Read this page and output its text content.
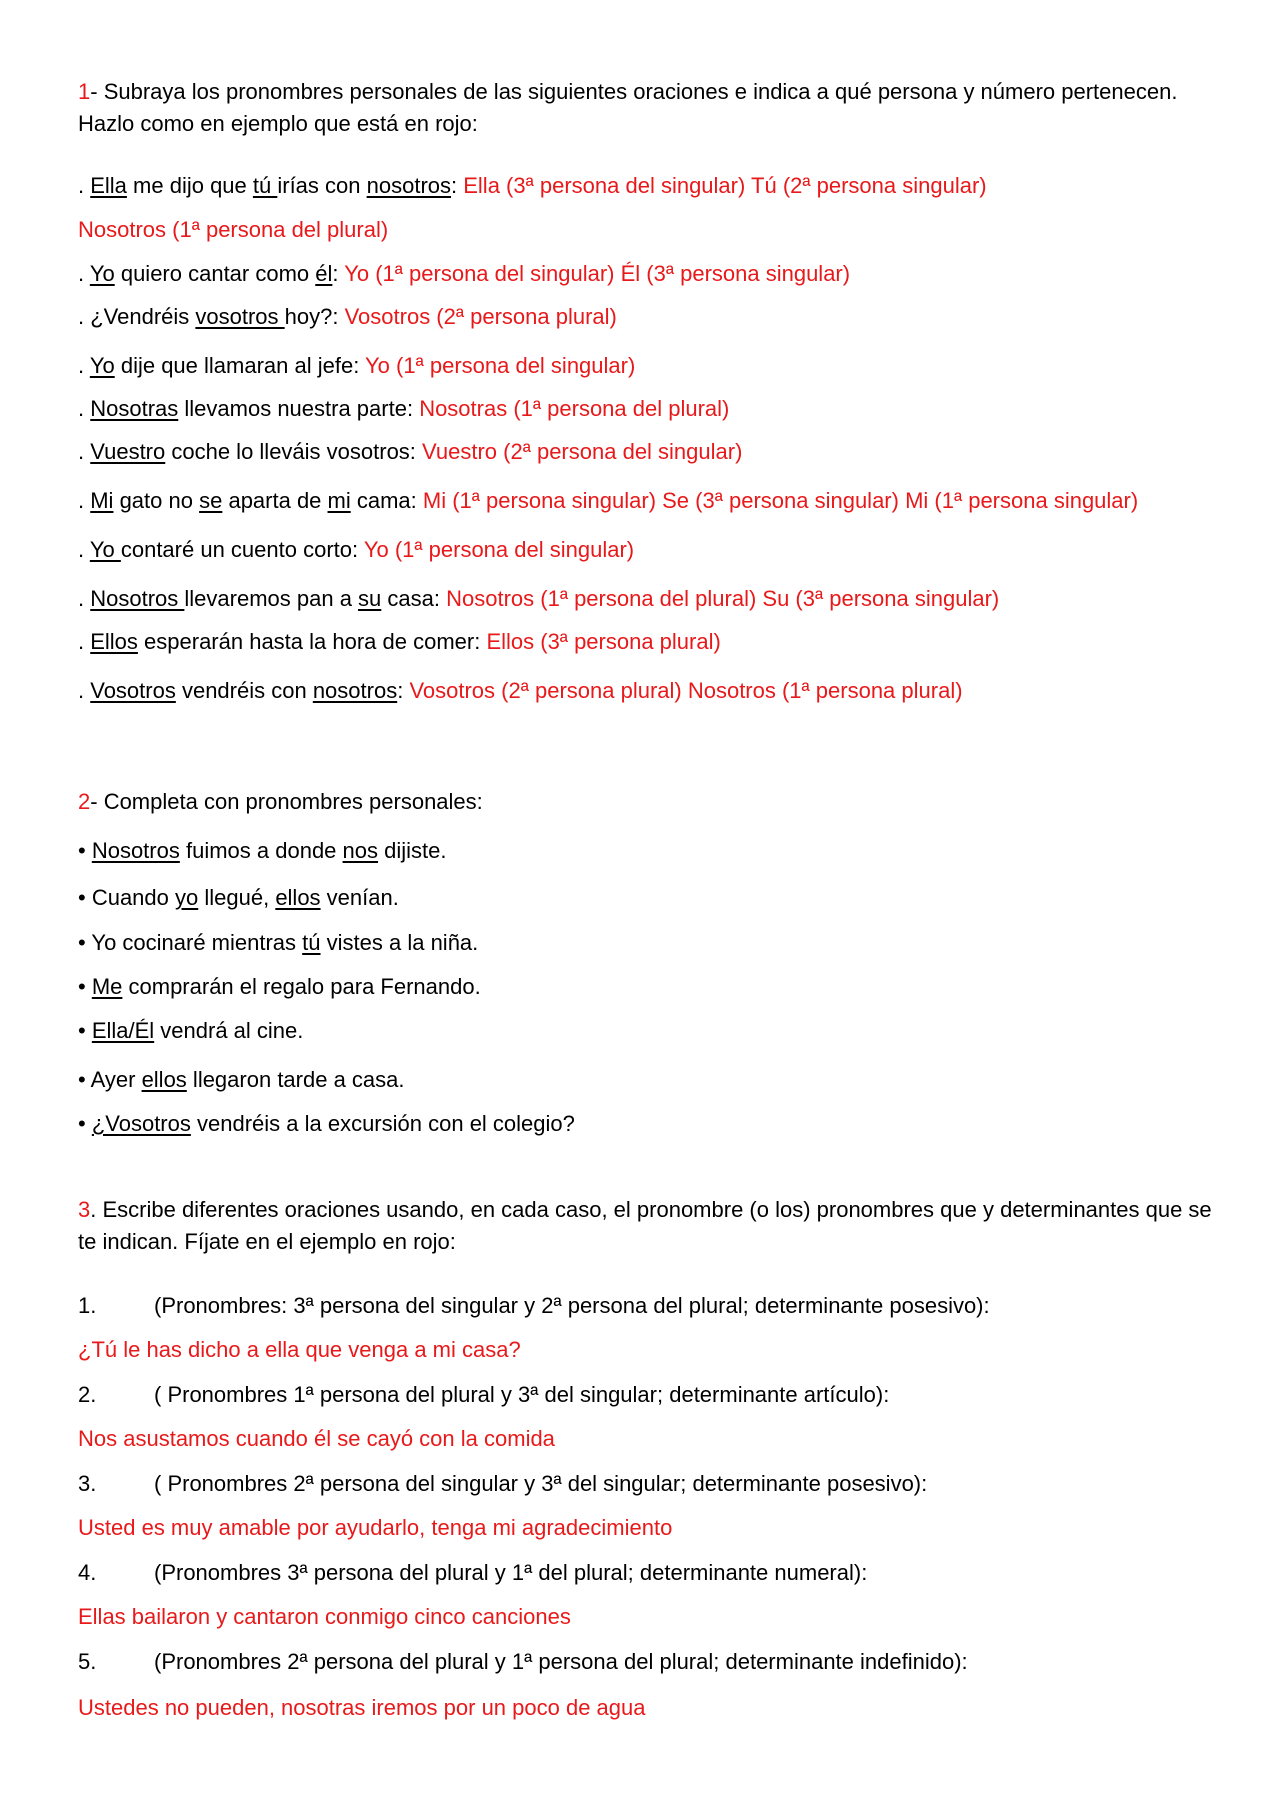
1- Subraya los pronombres personales de las siguientes oraciones e indica a qué persona y número pertenecen.
Hazlo como en ejemplo que está en rojo:
. Ella me dijo que tú irías con nosotros: Ella (3ª persona del singular) Tú (2ª persona singular)
Nosotros (1ª persona del plural)
. Yo quiero cantar como él: Yo (1ª persona del singular) Él (3ª persona singular)
. ¿Vendréis vosotros hoy?: Vosotros (2ª persona plural)
. Yo dije que llamaran al jefe: Yo (1ª persona del singular)
. Nosotras llevamos nuestra parte: Nosotras (1ª persona del plural)
. Vuestro coche lo lleváis vosotros: Vuestro (2ª persona del singular)
. Mi gato no se aparta de mi cama: Mi (1ª persona singular) Se (3ª persona singular) Mi (1ª persona singular)
. Yo contaré un cuento corto: Yo (1ª persona del singular)
. Nosotros llevaremos pan a su casa: Nosotros (1ª persona del plural) Su (3ª persona singular)
. Ellos esperarán hasta la hora de comer: Ellos (3ª persona plural)
. Vosotros vendréis con nosotros: Vosotros (2ª persona plural) Nosotros (1ª persona plural)
2- Completa con pronombres personales:
• Nosotros fuimos a donde nos dijiste.
• Cuando yo llegué, ellos venían.
• Yo cocinaré mientras tú vistes a la niña.
• Me comprarán el regalo para Fernando.
• Ella/Él vendrá al cine.
• Ayer ellos llegaron tarde a casa.
• ¿Vosotros vendréis a la excursión con el colegio?
3. Escribe diferentes oraciones usando, en cada caso, el pronombre (o los) pronombres que y determinantes que se
te indican. Fíjate en el ejemplo en rojo:
1.	(Pronombres: 3ª persona del singular y 2ª persona del plural; determinante posesivo):
¿Tú le has dicho a ella que venga a mi casa?
2.	( Pronombres 1ª persona del plural y 3ª del singular; determinante artículo):
Nos asustamos cuando él se cayó con la comida
3.	( Pronombres 2ª persona del singular y 3ª del singular; determinante posesivo):
Usted es muy amable por ayudarlo, tenga mi agradecimiento
4.	(Pronombres 3ª persona del plural y 1ª del plural; determinante numeral):
Ellas bailaron y cantaron conmigo cinco canciones
5.	(Pronombres 2ª persona del plural y 1ª persona del plural; determinante indefinido):
Ustedes no pueden, nosotras iremos por un poco de agua
